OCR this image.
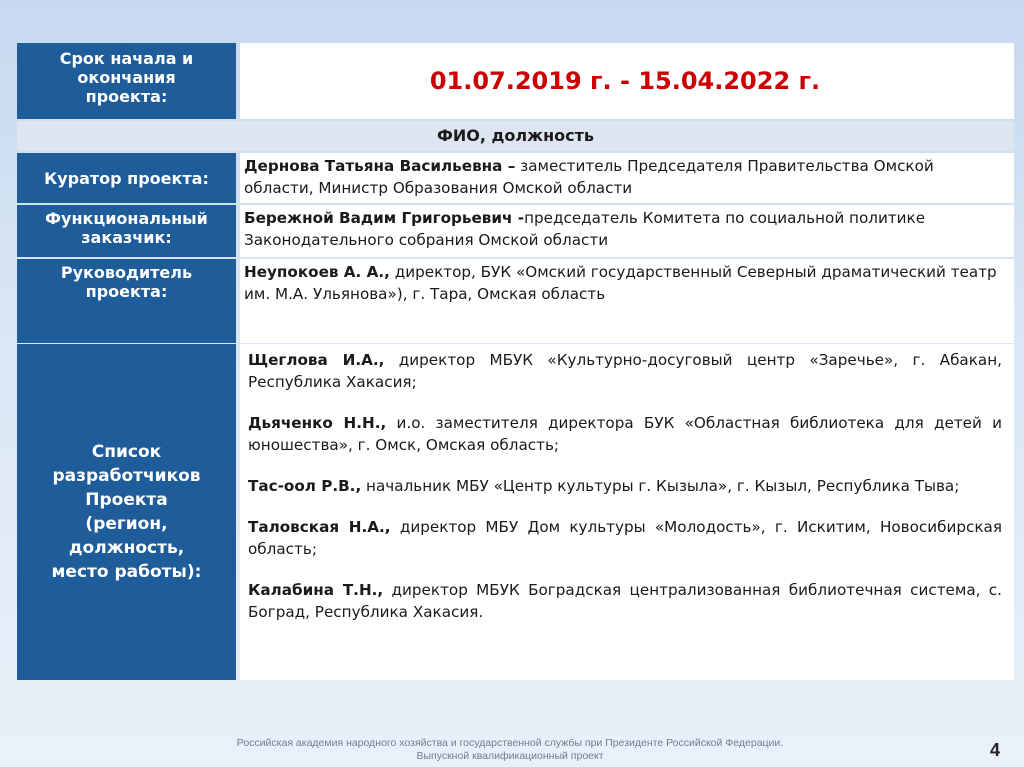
Срок начала и окончания проекта:
01.07.2019 г. - 15.04.2022 г.
ФИО, должность
Куратор проекта:
Дернова Татьяна Васильевна – заместитель Председателя Правительства Омской области, Министр Образования Омской области
Функциональный заказчик:
Бережной Вадим Григорьевич -председатель Комитета по социальной политике Законодательного собрания Омской области
Руководитель проекта:
Неупокоев А. А., директор, БУК «Омский государственный Северный драматический театр им. М.А. Ульянова»), г. Тара, Омская область
Список разработчиков Проекта (регион, должность, место работы):
Щеглова И.А., директор МБУК «Культурно-досуговый центр «Заречье», г. Абакан, Республика Хакасия;
Дьяченко Н.Н., и.о. заместителя директора БУК «Областная библиотека для детей и юношества», г. Омск, Омская область;
Тас-оол Р.В., начальник МБУ «Центр культуры г. Кызыла», г. Кызыл, Республика Тыва;
Таловская Н.А., директор МБУ Дом культуры «Молодость», г. Искитим, Новосибирская область;
Калабина Т.Н., директор МБУК Боградская централизованная библиотечная система, с. Боград, Республика Хакасия.
Российская академия народного хозяйства и государственной службы при Президенте Российской Федерации.
Выпускной квалификационный проект	4
